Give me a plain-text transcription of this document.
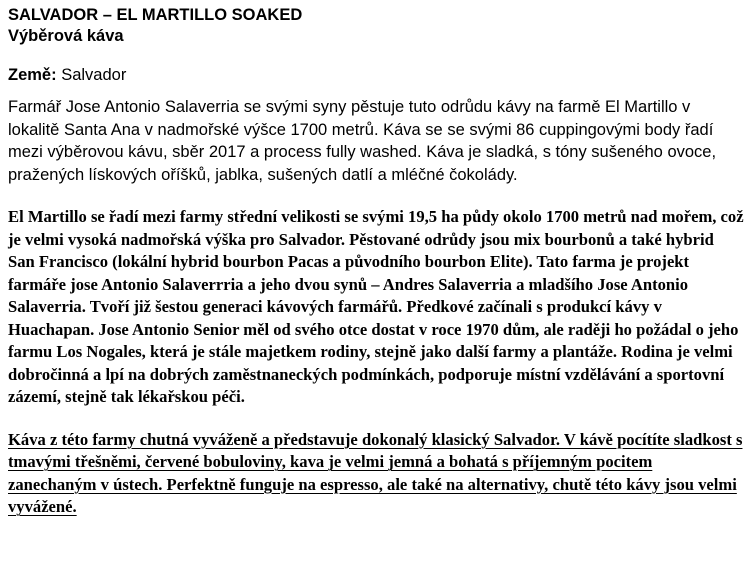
SALVADOR – EL MARTILLO SOAKED
Výběrová káva

Země: Salvador

Farmář Jose Antonio Salaverria se svými syny pěstuje tuto odrůdu kávy na farmě El Martillo v lokalitě Santa Ana v nadmořské výšce 1700 metrů. Káva se se svými 86 cuppingovými body řadí mezi výběrovou kávu, sběr 2017 a process fully washed. Káva je sladká, s tóny sušeného ovoce, pražených lískových oříšků, jablka, sušených datlí a mléčné čokolády.

El Martillo se řadí mezi farmy střední velikosti se svými 19,5 ha půdy okolo 1700 metrů nad mořem, což je velmi vysoká nadmořská výška pro Salvador. Pěstované odrůdy jsou mix bourbonů a také hybrid San Francisco (lokální hybrid bourbon Pacas a původního bourbon Elite). Tato farma je projekt farmáře jose Antonio Salaverrria a jeho dvou synů – Andres Salaverria a mladšího Jose Antonio Salaverria. Tvoří již šestou generaci kávových farmářů. Předkové začínali s produkcí kávy v Huachapan. Jose Antonio Senior měl od svého otce dostat v roce 1970 dům, ale raději ho požádal o jeho farmu Los Nogales, která je stále majetkem rodiny, stejně jako další farmy a plantáže. Rodina je velmi dobročinná a lpí na dobrých zaměstnaneckých podmínkách, podporuje místní vzdělávání a sportovní zázemí, stejně tak lékařskou péči.

Káva z této farmy chutná vyváženě a představuje dokonalý klasický Salvador. V kávě pocítíte sladkost s tmavými třešněmi, červené bobuloviny, kava je velmi jemná a bohatá s příjemným pocitem zanechaným v ústech. Perfektně funguje na espresso, ale také na alternativy, chutě této kávy jsou velmi vyvážené.
